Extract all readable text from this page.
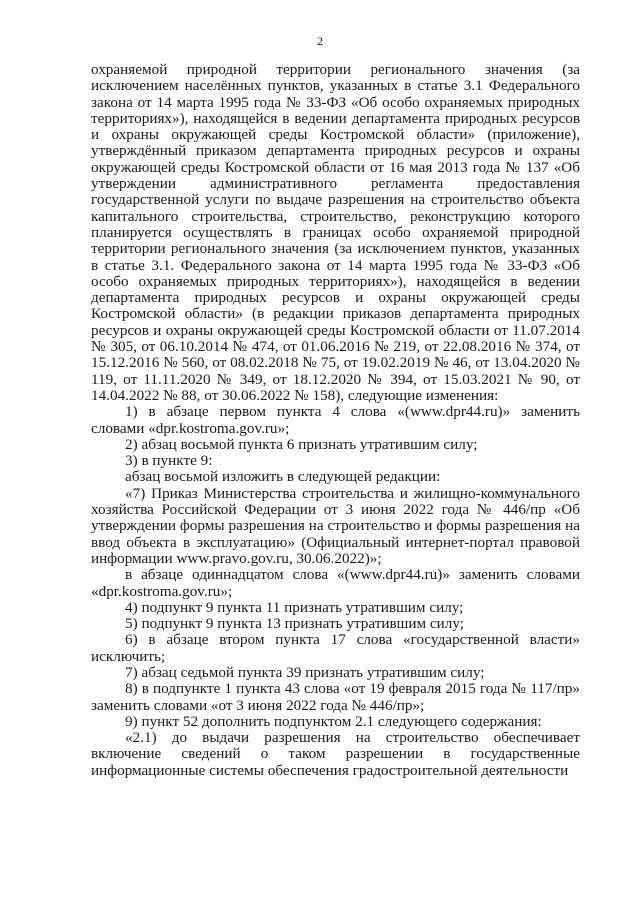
2

охраняемой природной территории регионального значения (за исключением населённых пунктов, указанных в статье 3.1 Федерального закона от 14 марта 1995 года № 33-ФЗ «Об особо охраняемых природных территориях»), находящейся в ведении департамента природных ресурсов и охраны окружающей среды Костромской области» (приложение), утверждённый приказом департамента природных ресурсов и охраны окружающей среды Костромской области от 16 мая 2013 года № 137 «Об утверждении административного регламента предоставления государственной услуги по выдаче разрешения на строительство объекта капитального строительства, строительство, реконструкцию которого планируется осуществлять в границах особо охраняемой природной территории регионального значения (за исключением пунктов, указанных в статье 3.1. Федерального закона от 14 марта 1995 года № 33-ФЗ «Об особо охраняемых природных территориях»), находящейся в ведении департамента природных ресурсов и охраны окружающей среды Костромской области» (в редакции приказов департамента природных ресурсов и охраны окружающей среды Костромской области от 11.07.2014 № 305, от 06.10.2014 № 474, от 01.06.2016 № 219, от 22.08.2016 № 374, от 15.12.2016 № 560, от 08.02.2018 № 75, от 19.02.2019 № 46, от 13.04.2020 № 119, от 11.11.2020 № 349, от 18.12.2020 № 394, от 15.03.2021 № 90, от 14.04.2022 № 88, от 30.06.2022 № 158), следующие изменения:

1) в абзаце первом пункта 4 слова «(www.dpr44.ru)» заменить словами «dpr.kostroma.gov.ru»;

2) абзац восьмой пункта 6 признать утратившим силу;

3) в пункте 9:

абзац восьмой изложить в следующей редакции:

«7) Приказ Министерства строительства и жилищно-коммунального хозяйства Российской Федерации от 3 июня 2022 года № 446/пр «Об утверждении формы разрешения на строительство и формы разрешения на ввод объекта в эксплуатацию» (Официальный интернет-портал правовой информации www.pravo.gov.ru, 30.06.2022)»;

в абзаце одиннадцатом слова «(www.dpr44.ru)» заменить словами «dpr.kostroma.gov.ru»;

4) подпункт 9 пункта 11 признать утратившим силу;

5) подпункт 9 пункта 13 признать утратившим силу;

6) в абзаце втором пункта 17 слова «государственной власти» исключить;

7) абзац седьмой пункта 39 признать утратившим силу;

8) в подпункте 1 пункта 43 слова «от 19 февраля 2015 года № 117/пр» заменить словами «от 3 июня 2022 года № 446/пр»;

9) пункт 52 дополнить подпунктом 2.1 следующего содержания:

«2.1) до выдачи разрешения на строительство обеспечивает включение сведений о таком разрешении в государственные информационные системы обеспечения градостроительной деятельности
